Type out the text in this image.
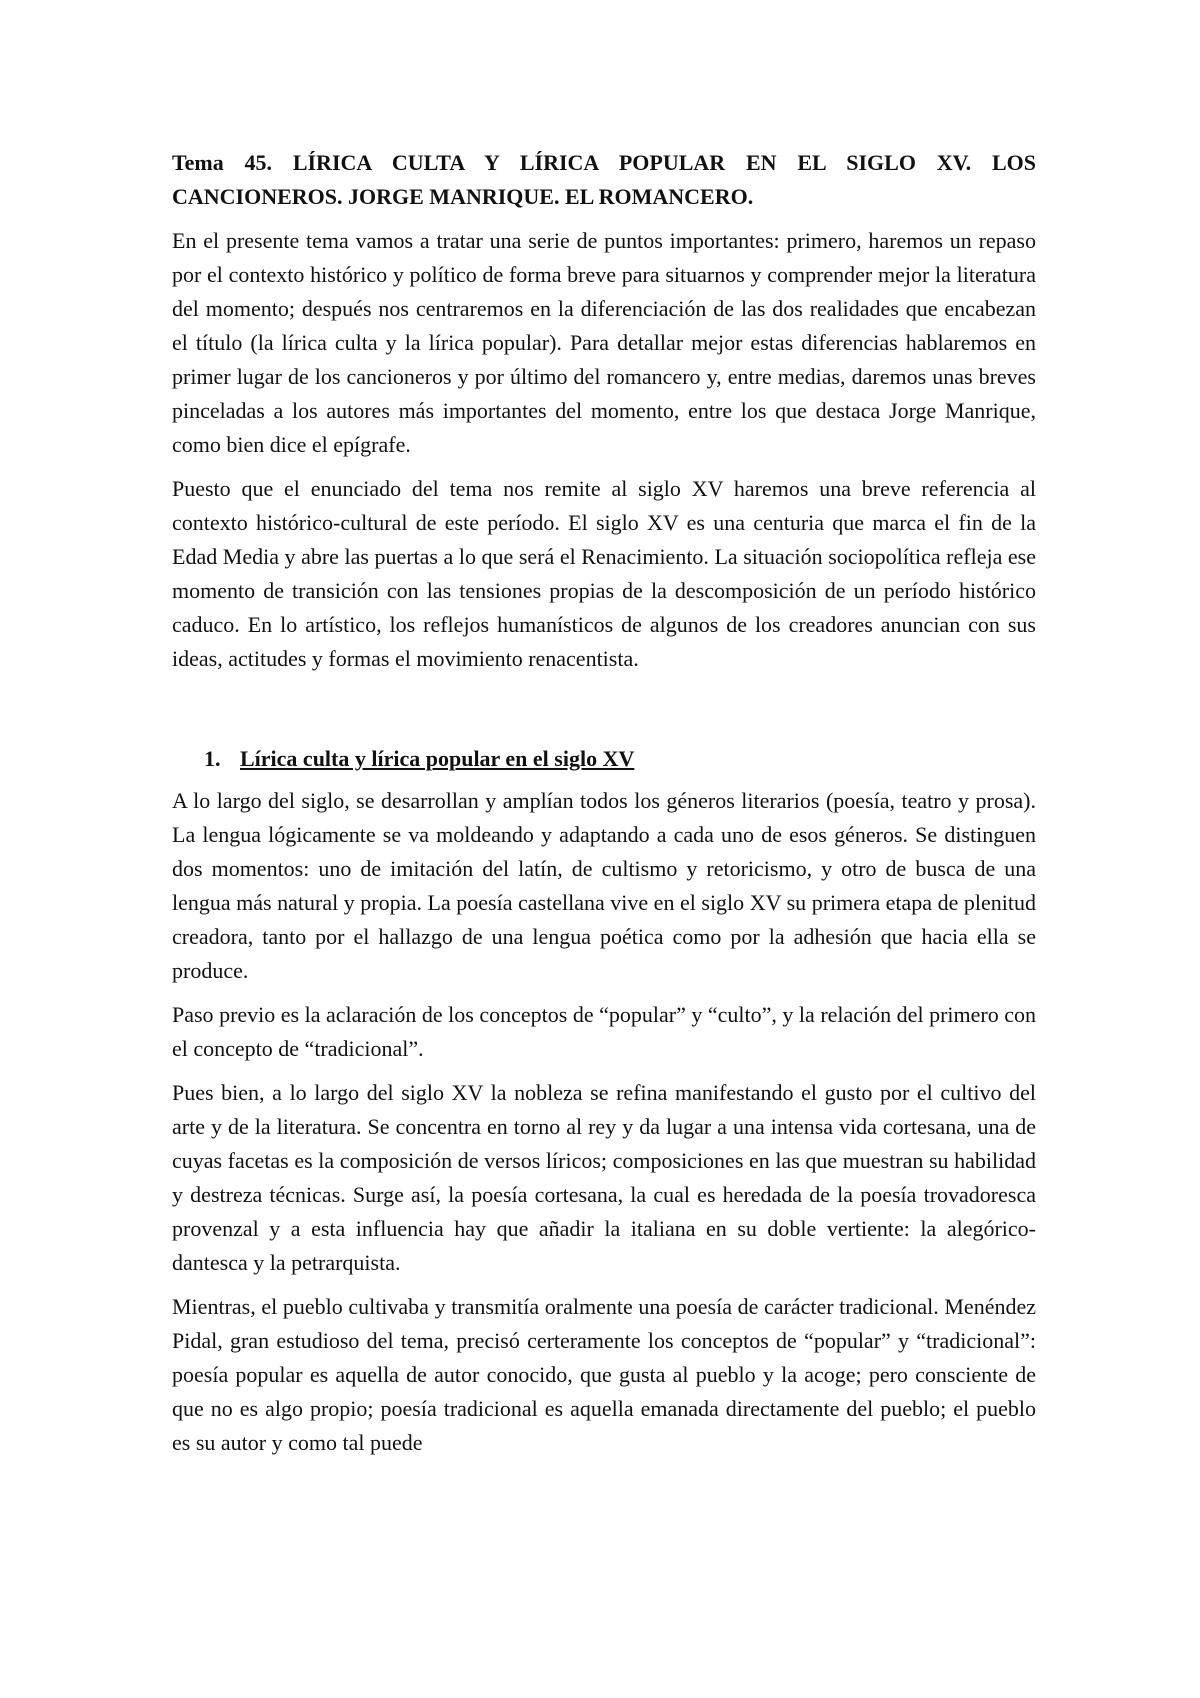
Tema 45. LÍRICA CULTA Y LÍRICA POPULAR EN EL SIGLO XV. LOS CANCIONEROS. JORGE MANRIQUE. EL ROMANCERO.

En el presente tema vamos a tratar una serie de puntos importantes: primero, haremos un repaso por el contexto histórico y político de forma breve para situarnos y comprender mejor la literatura del momento; después nos centraremos en la diferenciación de las dos realidades que encabezan el título (la lírica culta y la lírica popular). Para detallar mejor estas diferencias hablaremos en primer lugar de los cancioneros y por último del romancero y, entre medias, daremos unas breves pinceladas a los autores más importantes del momento, entre los que destaca Jorge Manrique, como bien dice el epígrafe.

Puesto que el enunciado del tema nos remite al siglo XV haremos una breve referencia al contexto histórico-cultural de este período. El siglo XV es una centuria que marca el fin de la Edad Media y abre las puertas a lo que será el Renacimiento. La situación sociopolítica refleja ese momento de transición con las tensiones propias de la descomposición de un período histórico caduco. En lo artístico, los reflejos humanísticos de algunos de los creadores anuncian con sus ideas, actitudes y formas el movimiento renacentista.

1. Lírica culta y lírica popular en el siglo XV

A lo largo del siglo, se desarrollan y amplían todos los géneros literarios (poesía, teatro y prosa). La lengua lógicamente se va moldeando y adaptando a cada uno de esos géneros. Se distinguen dos momentos: uno de imitación del latín, de cultismo y retoricismo, y otro de busca de una lengua más natural y propia. La poesía castellana vive en el siglo XV su primera etapa de plenitud creadora, tanto por el hallazgo de una lengua poética como por la adhesión que hacia ella se produce.

Paso previo es la aclaración de los conceptos de “popular” y “culto”, y la relación del primero con el concepto de “tradicional”.

Pues bien, a lo largo del siglo XV la nobleza se refina manifestando el gusto por el cultivo del arte y de la literatura. Se concentra en torno al rey y da lugar a una intensa vida cortesana, una de cuyas facetas es la composición de versos líricos; composiciones en las que muestran su habilidad y destreza técnicas. Surge así, la poesía cortesana, la cual es heredada de la poesía trovadoresca provenzal y a esta influencia hay que añadir la italiana en su doble vertiente: la alegórico-dantesca y la petrarquista.

Mientras, el pueblo cultivaba y transmitía oralmente una poesía de carácter tradicional. Menéndez Pidal, gran estudioso del tema, precisó certeramente los conceptos de “popular” y “tradicional”: poesía popular es aquella de autor conocido, que gusta al pueblo y la acoge; pero consciente de que no es algo propio; poesía tradicional es aquella emanada directamente del pueblo; el pueblo es su autor y como tal puede
